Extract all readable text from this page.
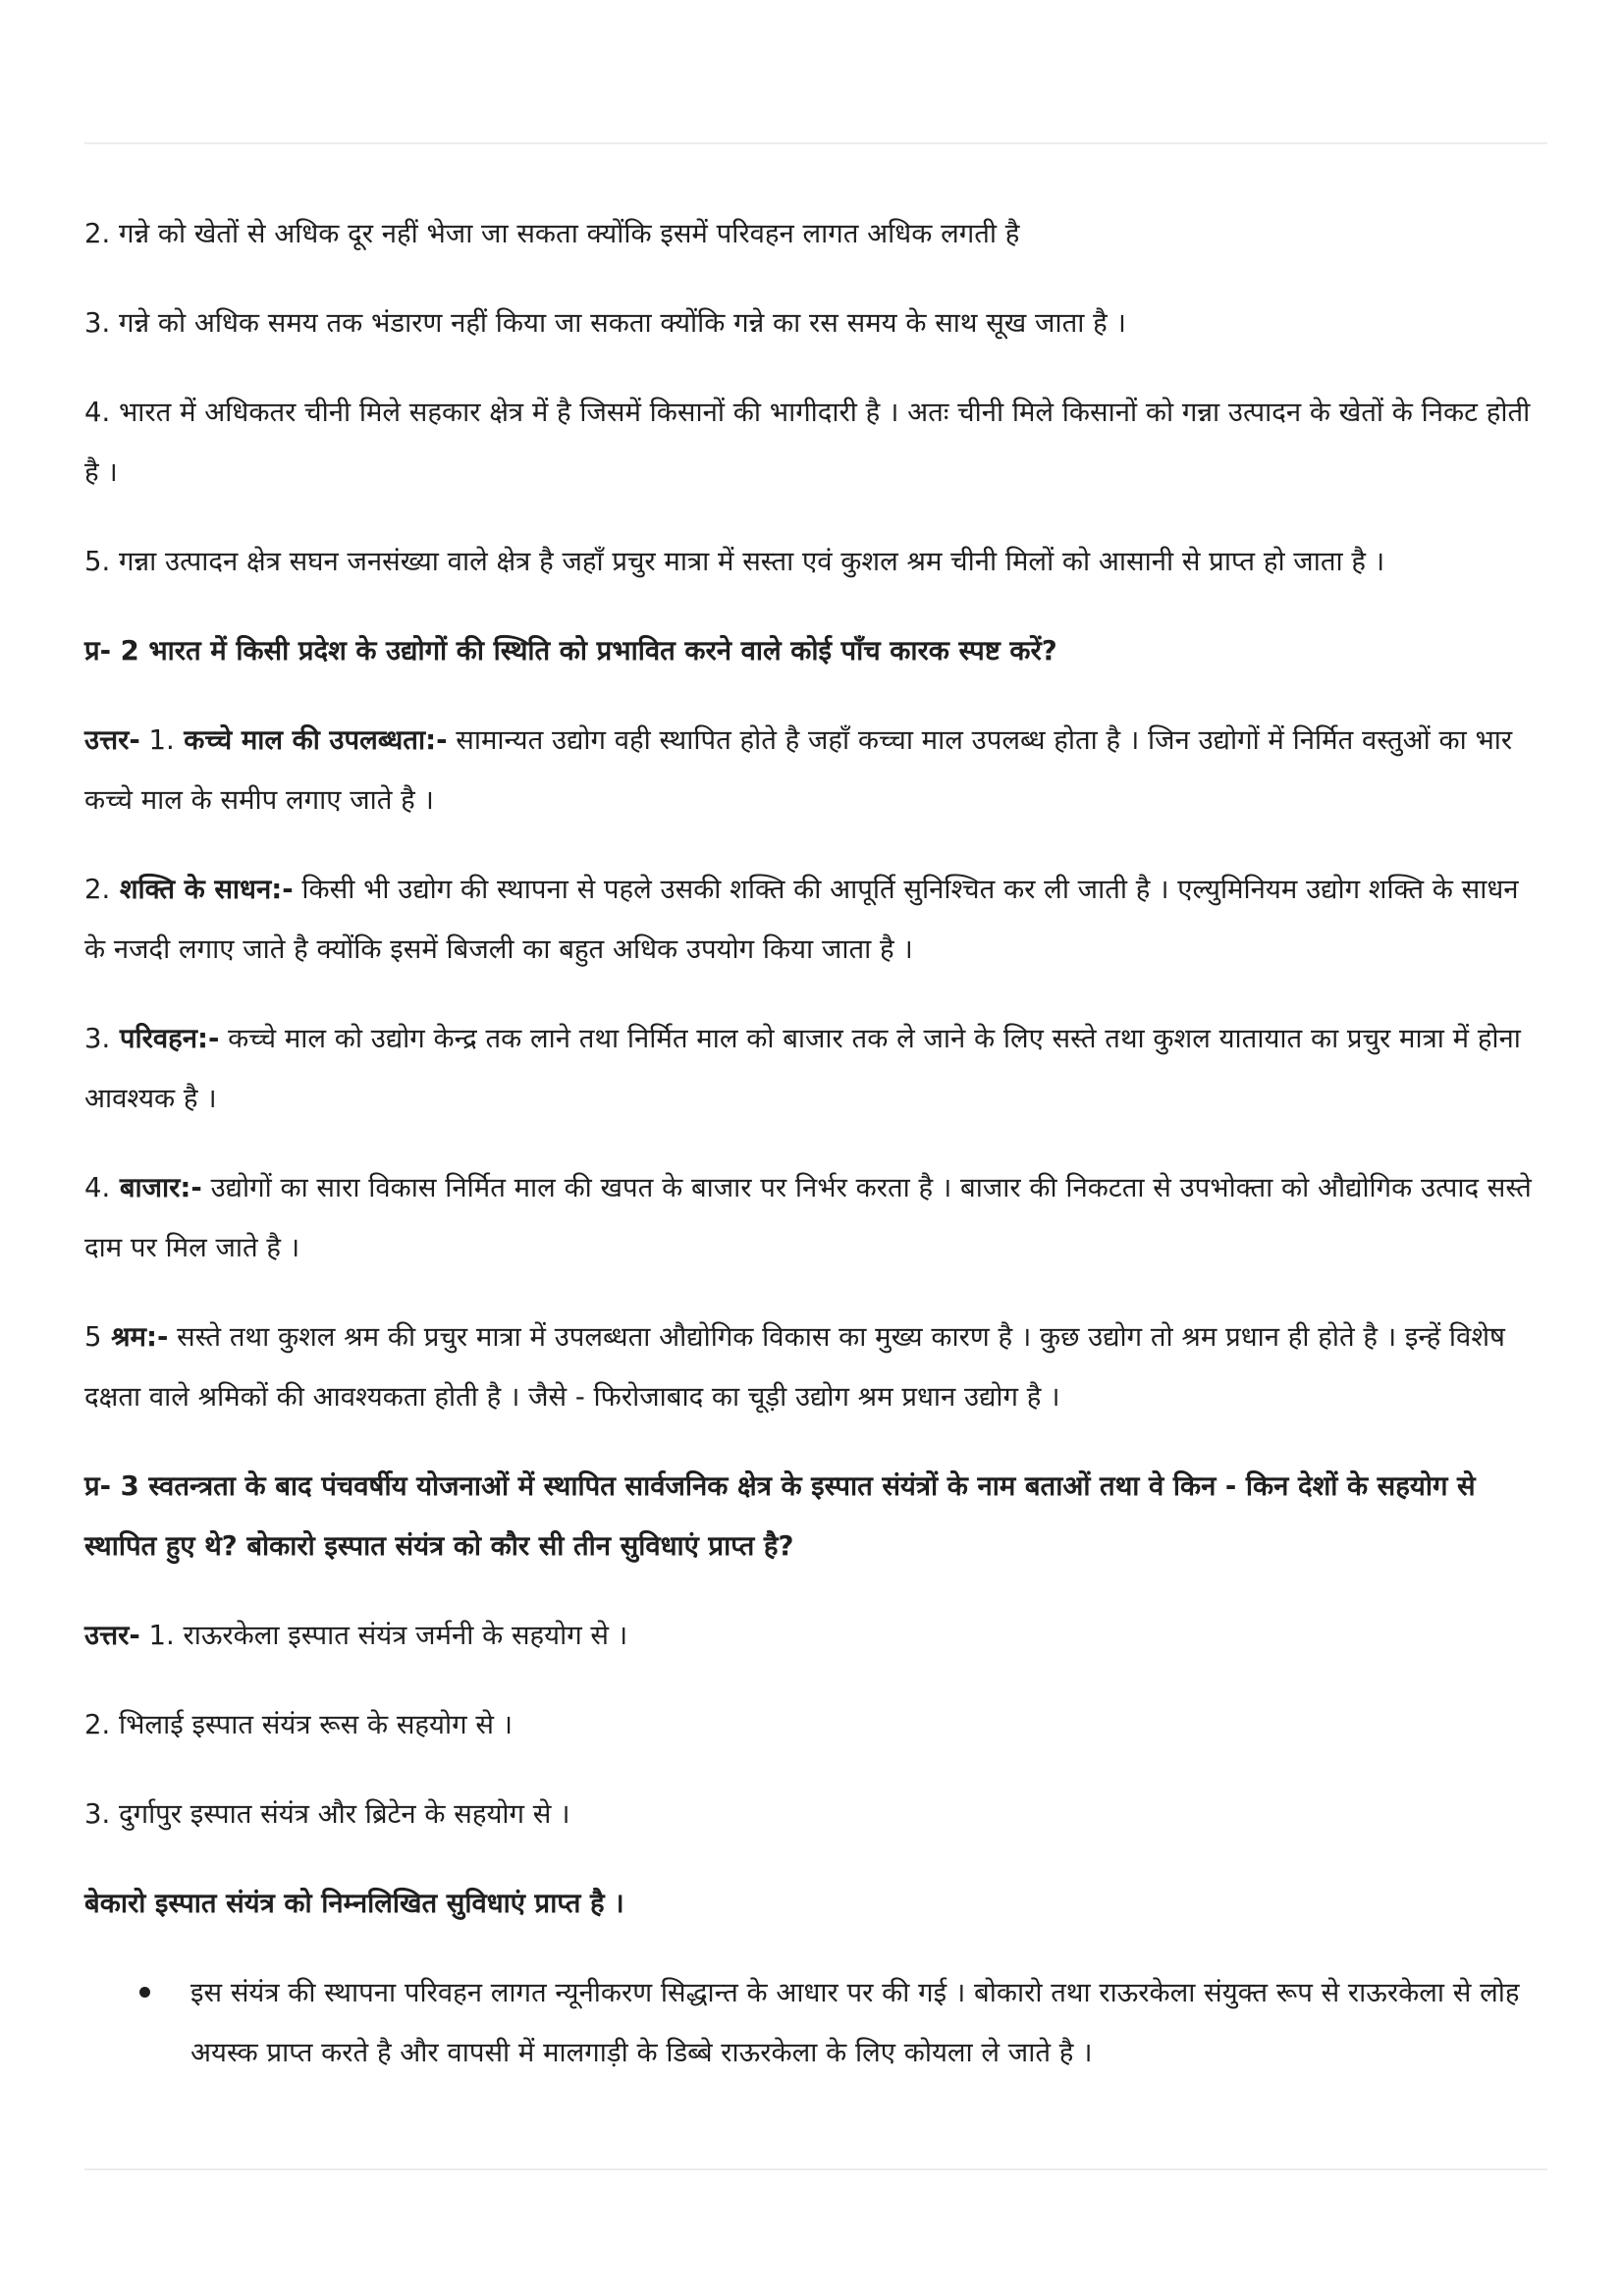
2. गन्ने को खेतों से अधिक दूर नहीं भेजा जा सकता क्योंकि इसमें परिवहन लागत अधिक लगती है

3. गन्ने को अधिक समय तक भंडारण नहीं किया जा सकता क्योंकि गन्ने का रस समय के साथ सूख जाता है ।

4. भारत में अधिकतर चीनी मिले सहकार क्षेत्र में है जिसमें किसानों की भागीदारी है । अतः चीनी मिले किसानों को गन्ना उत्पादन के खेतों के निकट होती है ।

5. गन्ना उत्पादन क्षेत्र सघन जनसंख्या वाले क्षेत्र है जहाँ प्रचुर मात्रा में सस्ता एवं कुशल श्रम चीनी मिलों को आसानी से प्राप्त हो जाता है ।

प्र- 2 भारत में किसी प्रदेश के उद्योगों की स्थिति को प्रभावित करने वाले कोई पाँच कारक स्पष्ट करें?

उत्तर- 1. कच्चे माल की उपलब्धता:- सामान्यत उद्योग वही स्थापित होते है जहाँ कच्चा माल उपलब्ध होता है । जिन उद्योगों में निर्मित वस्तुओं का भार कच्चे माल के समीप लगाए जाते है ।

2. शक्ति के साधन:- किसी भी उद्योग की स्थापना से पहले उसकी शक्ति की आपूर्ति सुनिश्चित कर ली जाती है । एल्युमिनियम उद्योग शक्ति के साधन के नजदी लगाए जाते है क्योंकि इसमें बिजली का बहुत अधिक उपयोग किया जाता है ।

3. परिवहन:- कच्चे माल को उद्योग केन्द्र तक लाने तथा निर्मित माल को बाजार तक ले जाने के लिए सस्ते तथा कुशल यातायात का प्रचुर मात्रा में होना आवश्यक है ।

4. बाजार:- उद्योगों का सारा विकास निर्मित माल की खपत के बाजार पर निर्भर करता है । बाजार की निकटता से उपभोक्ता को औद्योगिक उत्पाद सस्ते दाम पर मिल जाते है ।

5 श्रम:- सस्ते तथा कुशल श्रम की प्रचुर मात्रा में उपलब्धता औद्योगिक विकास का मुख्य कारण है । कुछ उद्योग तो श्रम प्रधान ही होते है । इन्हें विशेष दक्षता वाले श्रमिकों की आवश्यकता होती है । जैसे - फिरोजाबाद का चूड़ी उद्योग श्रम प्रधान उद्योग है ।

प्र- 3 स्वतन्त्रता के बाद पंचवर्षीय योजनाओं में स्थापित सार्वजनिक क्षेत्र के इस्पात संयंत्रों के नाम बताओं तथा वे किन - किन देशों के सहयोग से स्थापित हुए थे? बोकारो इस्पात संयंत्र को कौर सी तीन सुविधाएं प्राप्त है?

उत्तर- 1. राऊरकेला इस्पात संयंत्र जर्मनी के सहयोग से ।

2. भिलाई इस्पात संयंत्र रूस के सहयोग से ।

3. दुर्गापुर इस्पात संयंत्र और ब्रिटेन के सहयोग से ।

बेकारो इस्पात संयंत्र को निम्नलिखित सुविधाएं प्राप्त है ।

इस संयंत्र की स्थापना परिवहन लागत न्यूनीकरण सिद्धान्त के आधार पर की गई । बोकारो तथा राऊरकेला संयुक्त रूप से राऊरकेला से लोह अयस्क प्राप्त करते है और वापसी में मालगाड़ी के डिब्बे राऊरकेला के लिए कोयला ले जाते है ।
